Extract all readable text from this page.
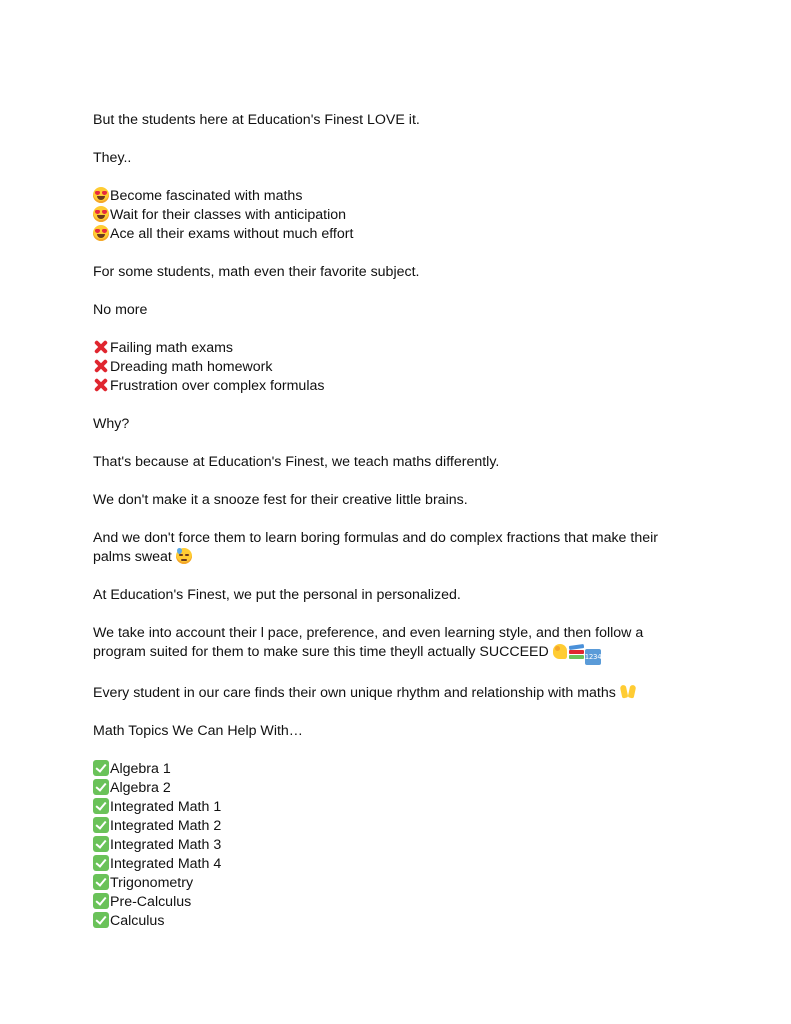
But the students here at Education's Finest LOVE it.

They..

Become fascinated with maths
Wait for their classes with anticipation
Ace all their exams without much effort

For some students, math even their favorite subject.

No more

Failing math exams
Dreading math homework
Frustration over complex formulas

Why?

That's because at Education's Finest, we teach maths differently.

We don't make it a snooze fest for their creative little brains.

And we don't force them to learn boring formulas and do complex fractions that make their
palms sweat

At Education's Finest, we put the personal in personalized.

We take into account their l pace, preference, and even learning style, and then follow a
program suited for them to make sure this time theyll actually SUCCEED	1234

Every student in our care finds their own unique rhythm and relationship with maths

Math Topics We Can Help With…

Algebra 1
Algebra 2
Integrated Math 1
Integrated Math 2
Integrated Math 3
Integrated Math 4
Trigonometry
Pre-Calculus
Calculus
